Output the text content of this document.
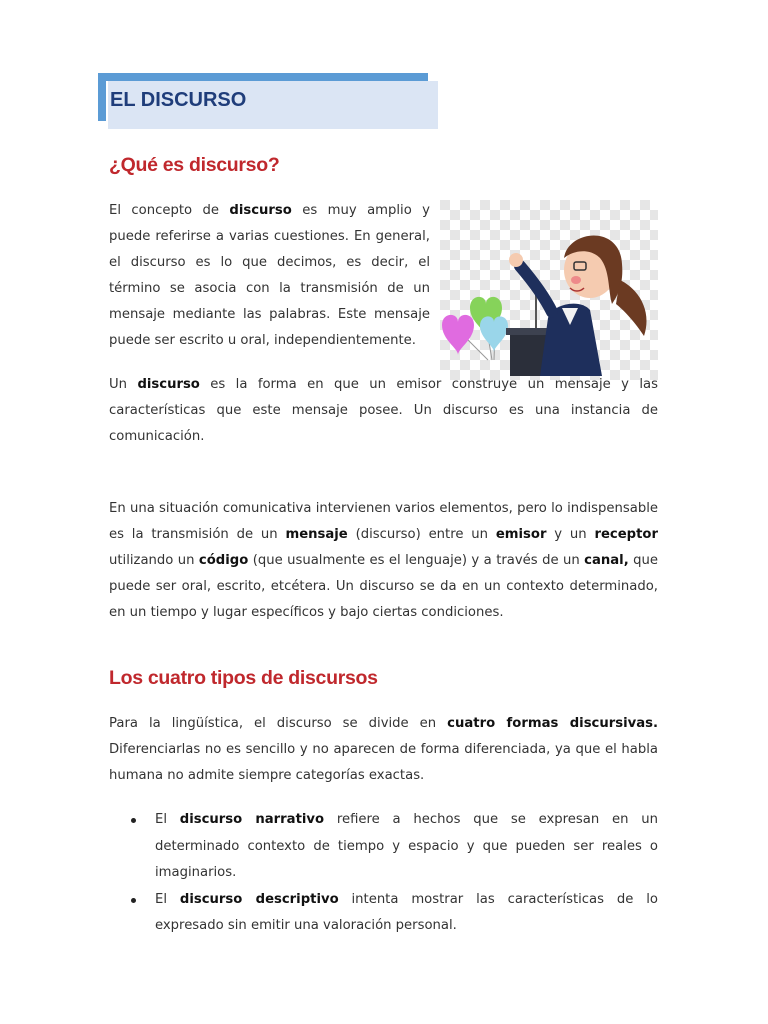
EL DISCURSO
¿Qué es discurso?

El concepto de discurso es muy amplio y puede referirse a varias cuestiones. En general, el discurso es lo que decimos, es decir, el término se asocia con la transmisión de un mensaje mediante las palabras. Este mensaje puede ser escrito u oral, independientemente.

Un discurso es la forma en que un emisor construye un mensaje y las características que este mensaje posee. Un discurso es una instancia de comunicación.

En una situación comunicativa intervienen varios elementos, pero lo indispensable es la transmisión de un mensaje (discurso) entre un emisor y un receptor utilizando un código (que usualmente es el lenguaje) y a través de un canal, que puede ser oral, escrito, etcétera. Un discurso se da en un contexto determinado, en un tiempo y lugar específicos y bajo ciertas condiciones.

Los cuatro tipos de discursos

Para la lingüística, el discurso se divide en cuatro formas discursivas. Diferenciarlas no es sencillo y no aparecen de forma diferenciada, ya que el habla humana no admite siempre categorías exactas.

El discurso narrativo refiere a hechos que se expresan en un determinado contexto de tiempo y espacio y que pueden ser reales o imaginarios.
El discurso descriptivo intenta mostrar las características de lo expresado sin emitir una valoración personal.
